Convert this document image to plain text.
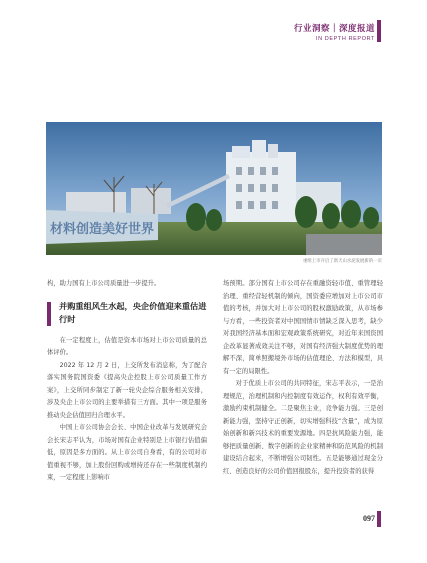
行业洞察｜深度报道
IN DEPTH REPORT
材料创造美好世界
重组上市开启了新天山水泥发展新的一页

构，助力国有上市公司质量进一步提升。

并购重组风生水起，央企价值迎来重估进行时

在一定程度上，估值是资本市场对上市公司质量的总体评价。

2022 年 12 月 2 日，上交所发布消息称，为了配合落实国务院国资委《提高央企控股上市公司质量工作方案》，上交所同步制定了新一轮央企综合服务相关安排，涉及央企上市公司的主要举措有三方面。其中一项是服务推动央企估值回归合理水平。

中国上市公司协会会长、中国企业改革与发展研究会会长宋志平认为，市场对国有企业特别是上市银行估值偏低，原因是多方面的。从上市公司自身看，有的公司对市值重视不够，加上股份回购或增持还存在一些制度机制约束，一定程度上影响市

场预期。部分国有上市公司存在重融资轻市值、重管理轻治理、重经营轻机制的倾向，国资委应增加对上市公司市值的考核，并加大对上市公司的股权激励政策，从市场参与方看，一些投资者对中国国情市情缺乏深入思考，缺少对我国经济基本面和宏观政策系统研究，对近年来国资国企改革显著成效关注不够，对国有经济强大制度优势的理解不深，简单照搬境外市场的估值理论、方法和模型，具有一定的局限性。

对于优质上市公司的共同特征，宋志平表示，一是治理规范，治理机制和内控制度有效运作，权利有效平衡，激励约束机制健全。二是聚焦主业，竞争能力强。三是创新能力强，坚持守正创新，切实增强科技“含量”，成为原始创新和新兴技术的重要发源地。四是抗风险能力强，能够把质量创新、数字创新的企业家精神和防范风险的机制建设结合起来，不断增强公司韧性。五是能够通过现金分红、创造良好的公司价值回报股东，提升投资者的获得

097
